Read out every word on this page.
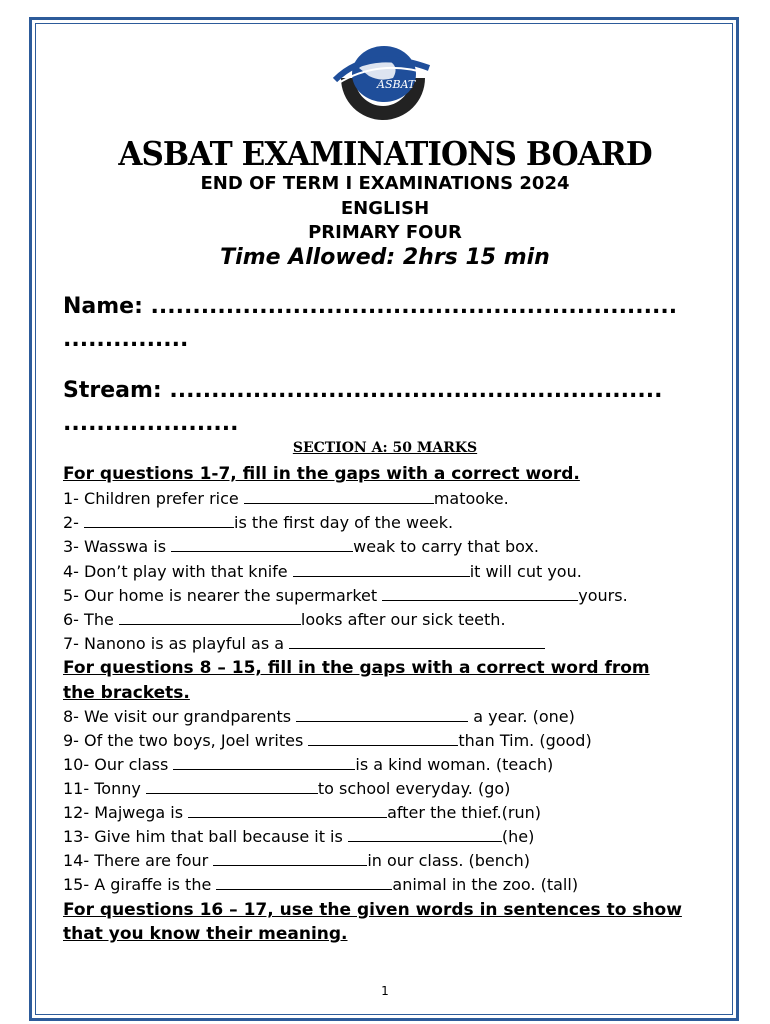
ASBAT
ASBAT EXAMINATIONS BOARD
END OF TERM I EXAMINATIONS 2024
ENGLISH
PRIMARY FOUR
Time Allowed: 2hrs 15 min
Name: ...............................................................
...............
Stream: ...........................................................
.....................
SECTION A: 50 MARKS
For questions 1-7, fill in the gaps with a correct word.
1- Children prefer rice	matooke.
2-	is the first day of the week.
3- Wasswa is	weak to carry that box.
4- Don’t play with that knife	it will cut you.
5- Our home is nearer the supermarket	yours.
6- The	looks after our sick teeth.
7- Nanono is as playful as a
For questions 8 – 15, fill in the gaps with a correct word from
the brackets.
8- We visit our grandparents	a year. (one)
9- Of the two boys, Joel writes	than Tim. (good)
10- Our class	is a kind woman. (teach)
11- Tonny	to school everyday. (go)
12- Majwega is	after the thief.(run)
13- Give him that ball because it is	(he)
14- There are four	in our class. (bench)
15- A giraffe is the	animal in the zoo. (tall)
For questions 16 – 17, use the given words in sentences to show
that you know their meaning.
1
